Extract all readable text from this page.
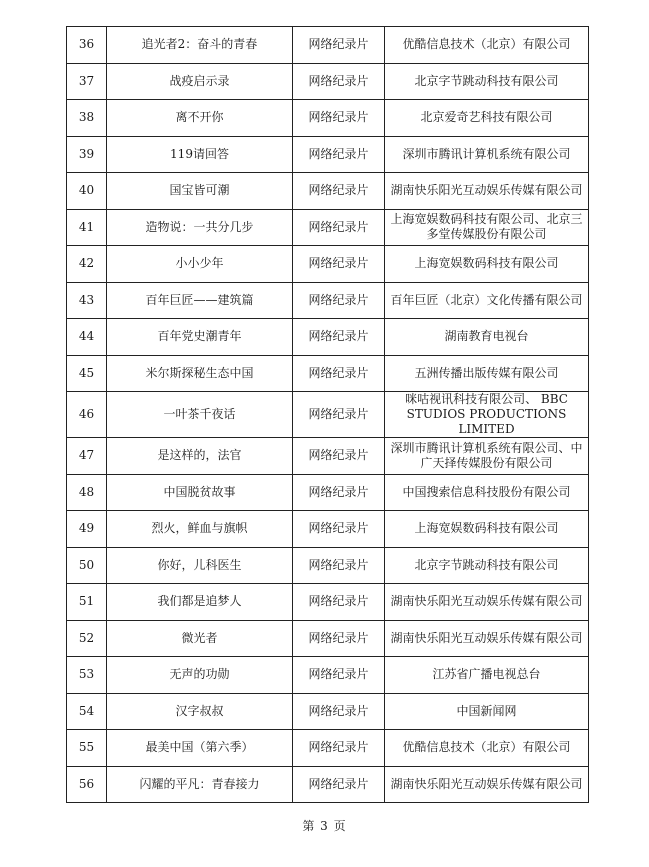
36	追光者2：奋斗的青春	网络纪录片	优酷信息技术（北京）有限公司
37	战疫启示录	网络纪录片	北京字节跳动科技有限公司
38	离不开你	网络纪录片	北京爱奇艺科技有限公司
39	119请回答	网络纪录片	深圳市腾讯计算机系统有限公司
40	国宝皆可潮	网络纪录片	湖南快乐阳光互动娱乐传媒有限公司
41	造物说：一共分几步	网络纪录片	上海宽娱数码科技有限公司、北京三多堂传媒股份有限公司
42	小小少年	网络纪录片	上海宽娱数码科技有限公司
43	百年巨匠——建筑篇	网络纪录片	百年巨匠（北京）文化传播有限公司
44	百年党史潮青年	网络纪录片	湖南教育电视台
45	米尔斯探秘生态中国	网络纪录片	五洲传播出版传媒有限公司
46	一叶茶千夜话	网络纪录片	咪咕视讯科技有限公司、 BBC STUDIOS PRODUCTIONS LIMITED
47	是这样的，法官	网络纪录片	深圳市腾讯计算机系统有限公司、中广天择传媒股份有限公司
48	中国脱贫故事	网络纪录片	中国搜索信息科技股份有限公司
49	烈火，鲜血与旗帜	网络纪录片	上海宽娱数码科技有限公司
50	你好，儿科医生	网络纪录片	北京字节跳动科技有限公司
51	我们都是追梦人	网络纪录片	湖南快乐阳光互动娱乐传媒有限公司
52	微光者	网络纪录片	湖南快乐阳光互动娱乐传媒有限公司
53	无声的功勋	网络纪录片	江苏省广播电视总台
54	汉字叔叔	网络纪录片	中国新闻网
55	最美中国（第六季）	网络纪录片	优酷信息技术（北京）有限公司
56	闪耀的平凡：青春接力	网络纪录片	湖南快乐阳光互动娱乐传媒有限公司
第 3 页
